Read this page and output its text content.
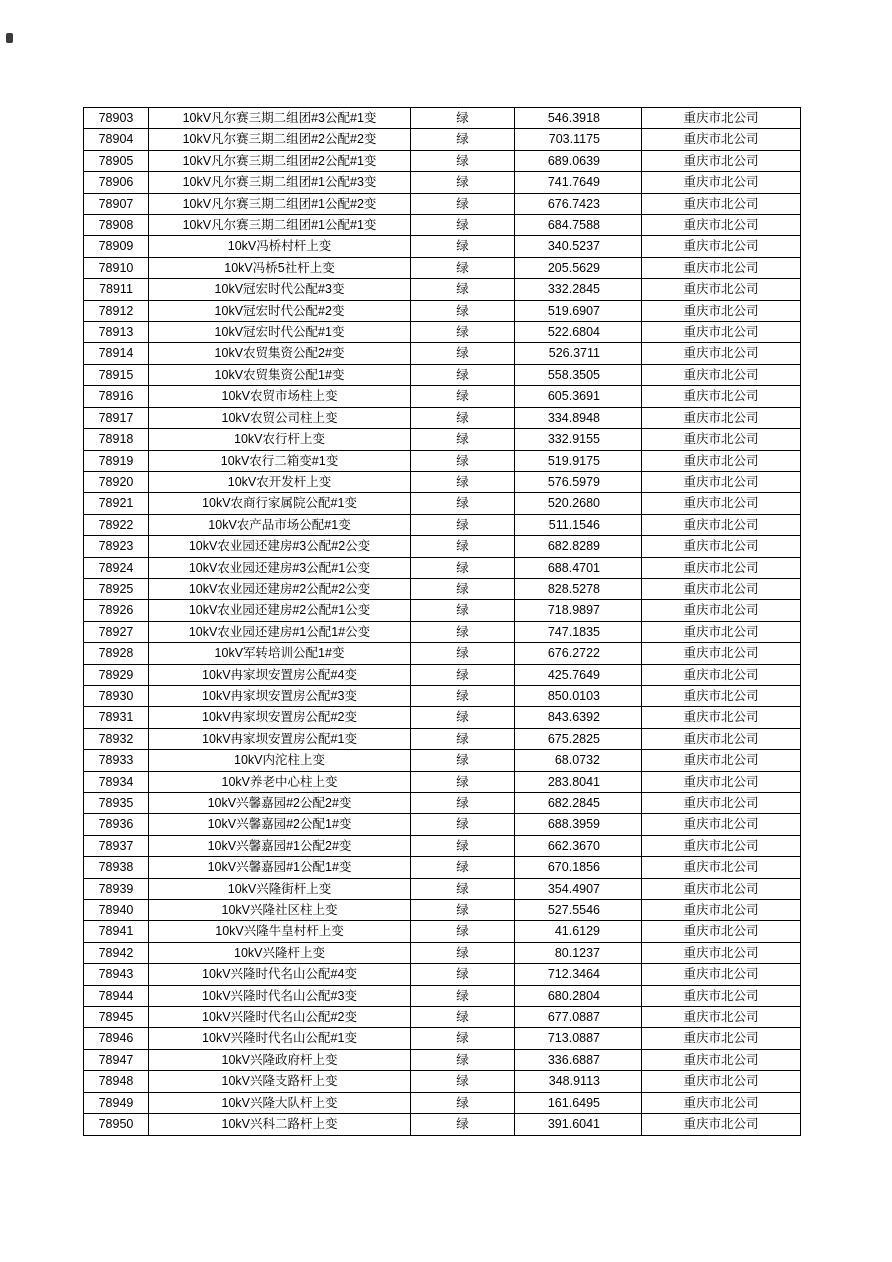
78903	10kV凡尔赛三期二组团#3公配#1变	绿	546.3918	重庆市北公司
78904	10kV凡尔赛三期二组团#2公配#2变	绿	703.1175	重庆市北公司
78905	10kV凡尔赛三期二组团#2公配#1变	绿	689.0639	重庆市北公司
78906	10kV凡尔赛三期二组团#1公配#3变	绿	741.7649	重庆市北公司
78907	10kV凡尔赛三期二组团#1公配#2变	绿	676.7423	重庆市北公司
78908	10kV凡尔赛三期二组团#1公配#1变	绿	684.7588	重庆市北公司
78909	10kV冯桥村杆上变	绿	340.5237	重庆市北公司
78910	10kV冯桥5社杆上变	绿	205.5629	重庆市北公司
78911	10kV冠宏时代公配#3变	绿	332.2845	重庆市北公司
78912	10kV冠宏时代公配#2变	绿	519.6907	重庆市北公司
78913	10kV冠宏时代公配#1变	绿	522.6804	重庆市北公司
78914	10kV农贸集资公配2#变	绿	526.3711	重庆市北公司
78915	10kV农贸集资公配1#变	绿	558.3505	重庆市北公司
78916	10kV农贸市场柱上变	绿	605.3691	重庆市北公司
78917	10kV农贸公司柱上变	绿	334.8948	重庆市北公司
78918	10kV农行杆上变	绿	332.9155	重庆市北公司
78919	10kV农行二箱变#1变	绿	519.9175	重庆市北公司
78920	10kV农开发杆上变	绿	576.5979	重庆市北公司
78921	10kV农商行家属院公配#1变	绿	520.2680	重庆市北公司
78922	10kV农产品市场公配#1变	绿	511.1546	重庆市北公司
78923	10kV农业园还建房#3公配#2公变	绿	682.8289	重庆市北公司
78924	10kV农业园还建房#3公配#1公变	绿	688.4701	重庆市北公司
78925	10kV农业园还建房#2公配#2公变	绿	828.5278	重庆市北公司
78926	10kV农业园还建房#2公配#1公变	绿	718.9897	重庆市北公司
78927	10kV农业园还建房#1公配1#公变	绿	747.1835	重庆市北公司
78928	10kV军转培训公配1#变	绿	676.2722	重庆市北公司
78929	10kV冉家坝安置房公配#4变	绿	425.7649	重庆市北公司
78930	10kV冉家坝安置房公配#3变	绿	850.0103	重庆市北公司
78931	10kV冉家坝安置房公配#2变	绿	843.6392	重庆市北公司
78932	10kV冉家坝安置房公配#1变	绿	675.2825	重庆市北公司
78933	10kV内沱柱上变	绿	68.0732	重庆市北公司
78934	10kV养老中心柱上变	绿	283.8041	重庆市北公司
78935	10kV兴馨嘉园#2公配2#变	绿	682.2845	重庆市北公司
78936	10kV兴馨嘉园#2公配1#变	绿	688.3959	重庆市北公司
78937	10kV兴馨嘉园#1公配2#变	绿	662.3670	重庆市北公司
78938	10kV兴馨嘉园#1公配1#变	绿	670.1856	重庆市北公司
78939	10kV兴隆街杆上变	绿	354.4907	重庆市北公司
78940	10kV兴隆社区柱上变	绿	527.5546	重庆市北公司
78941	10kV兴隆牛皇村杆上变	绿	41.6129	重庆市北公司
78942	10kV兴隆杆上变	绿	80.1237	重庆市北公司
78943	10kV兴隆时代名山公配#4变	绿	712.3464	重庆市北公司
78944	10kV兴隆时代名山公配#3变	绿	680.2804	重庆市北公司
78945	10kV兴隆时代名山公配#2变	绿	677.0887	重庆市北公司
78946	10kV兴隆时代名山公配#1变	绿	713.0887	重庆市北公司
78947	10kV兴隆政府杆上变	绿	336.6887	重庆市北公司
78948	10kV兴隆支路杆上变	绿	348.9113	重庆市北公司
78949	10kV兴隆大队杆上变	绿	161.6495	重庆市北公司
78950	10kV兴科二路杆上变	绿	391.6041	重庆市北公司
